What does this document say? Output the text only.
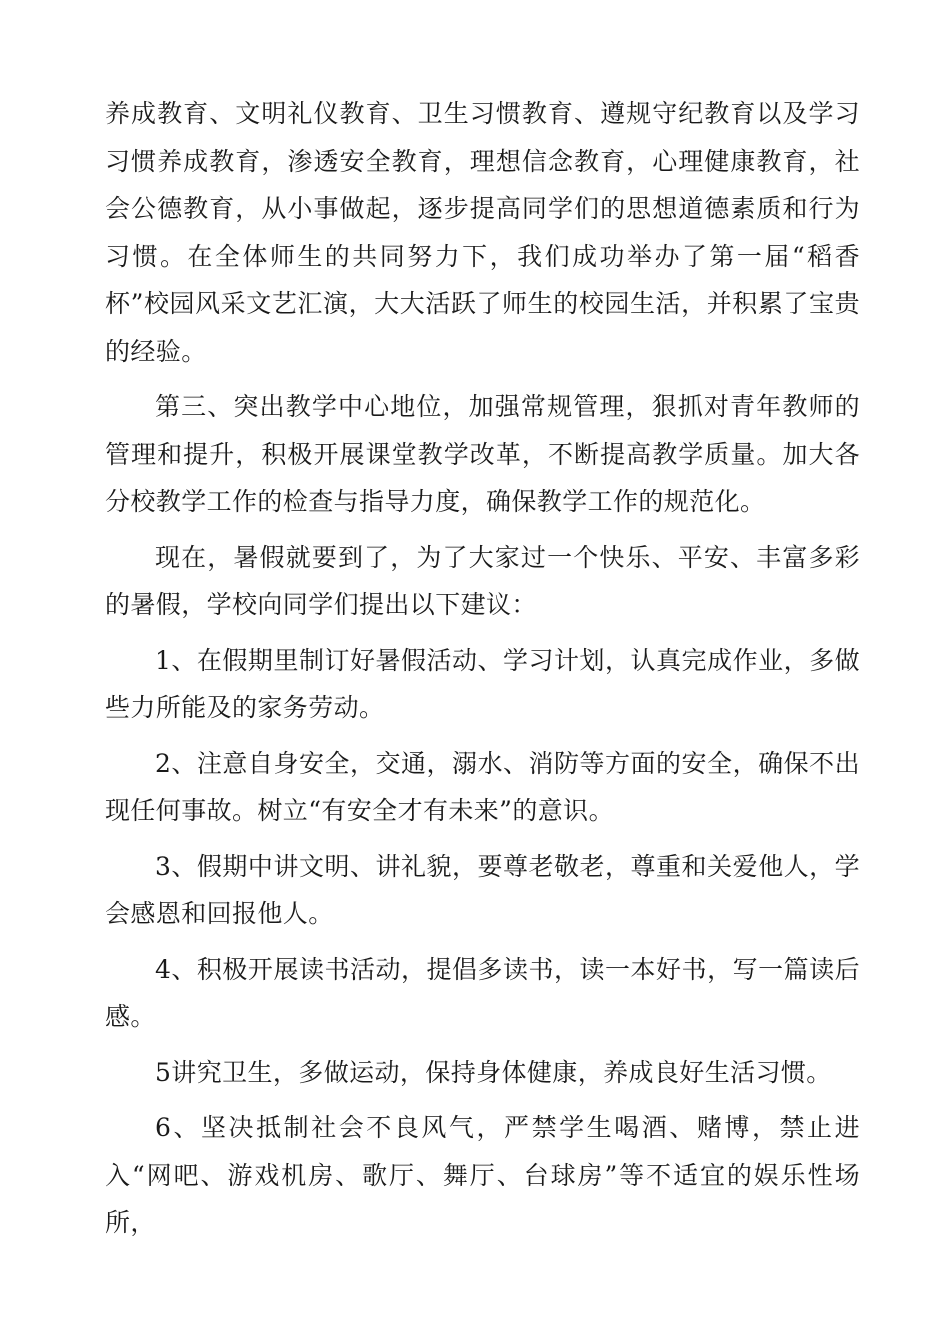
养成教育、文明礼仪教育、卫生习惯教育、遵规守纪教育以及学习习惯养成教育，渗透安全教育，理想信念教育，心理健康教育，社会公德教育，从小事做起，逐步提高同学们的思想道德素质和行为习惯。在全体师生的共同努力下，我们成功举办了第一届“稻香杯”校园风采文艺汇演，大大活跃了师生的校园生活，并积累了宝贵的经验。

第三、突出教学中心地位，加强常规管理，狠抓对青年教师的管理和提升，积极开展课堂教学改革，不断提高教学质量。加大各分校教学工作的检查与指导力度，确保教学工作的规范化。

现在，暑假就要到了，为了大家过一个快乐、平安、丰富多彩的暑假，学校向同学们提出以下建议：

1、在假期里制订好暑假活动、学习计划，认真完成作业，多做些力所能及的家务劳动。

2、注意自身安全，交通，溺水、消防等方面的安全，确保不出现任何事故。树立“有安全才有未来”的意识。

3、假期中讲文明、讲礼貌，要尊老敬老，尊重和关爱他人，学会感恩和回报他人。

4、积极开展读书活动，提倡多读书，读一本好书，写一篇读后感。

5讲究卫生，多做运动，保持身体健康，养成良好生活习惯。

6、坚决抵制社会不良风气，严禁学生喝酒、赌博，禁止进入“网吧、游戏机房、歌厅、舞厅、台球房”等不适宜的娱乐性场所，
